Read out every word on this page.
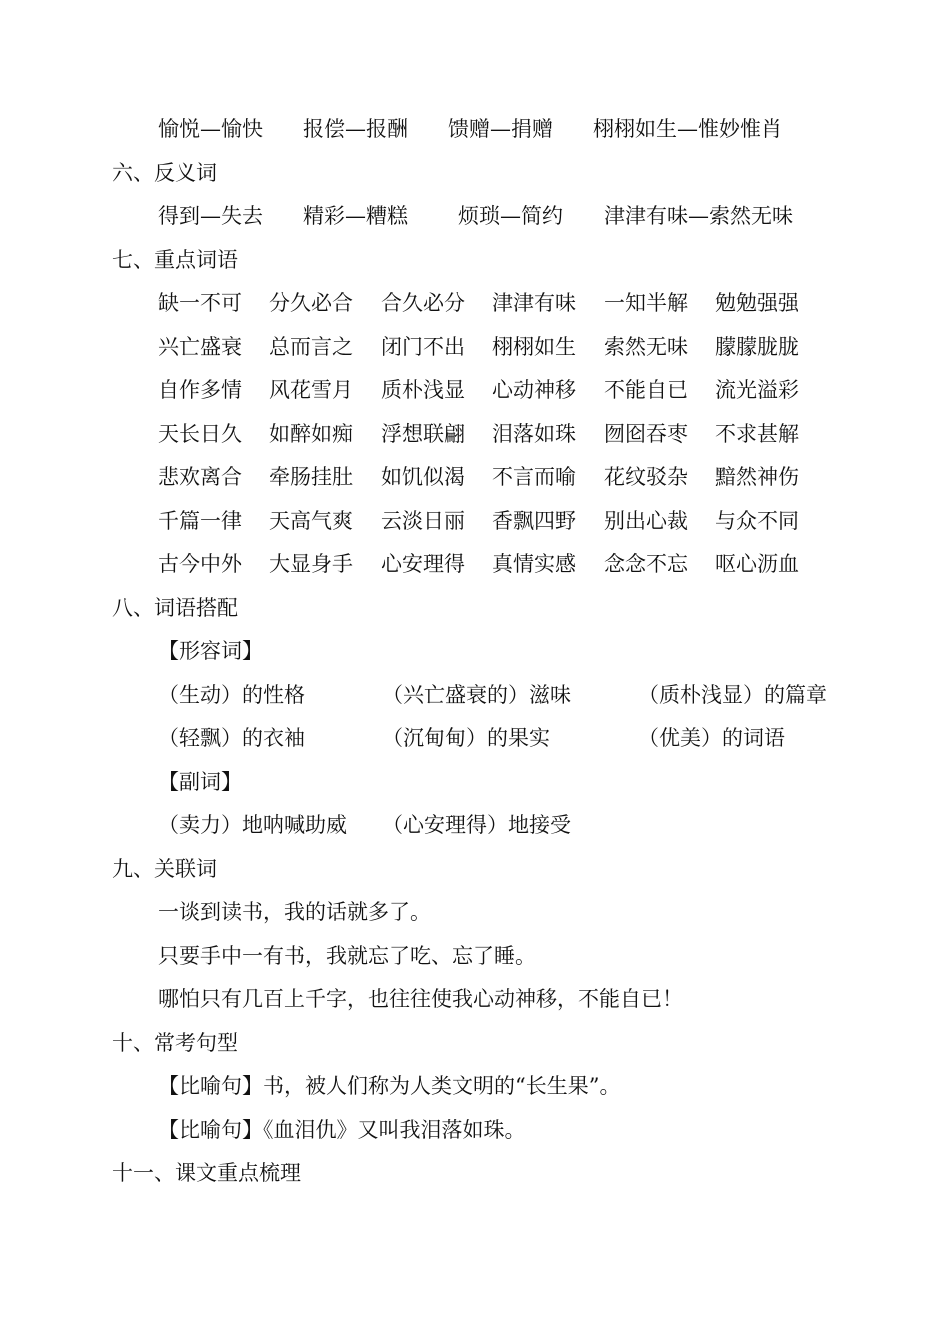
愉悦—愉快 报偿—报酬 馈赠—捐赠 栩栩如生—惟妙惟肖
六、反义词
得到—失去 精彩—糟糕 烦琐—简约 津津有味—索然无味
七、重点词语
缺一不可 分久必合 合久必分 津津有味 一知半解 勉勉强强
兴亡盛衰 总而言之 闭门不出 栩栩如生 索然无味 朦朦胧胧
自作多情 风花雪月 质朴浅显 心动神移 不能自已 流光溢彩
天长日久 如醉如痴 浮想联翩 泪落如珠 囫囵吞枣 不求甚解
悲欢离合 牵肠挂肚 如饥似渴 不言而喻 花纹驳杂 黯然神伤
千篇一律 天高气爽 云淡日丽 香飘四野 别出心裁 与众不同
古今中外 大显身手 心安理得 真情实感 念念不忘 呕心沥血
八、词语搭配
【形容词】
（生动）的性格	（兴亡盛衰的）滋味	（质朴浅显）的篇章
（轻飘）的衣袖	（沉甸甸）的果实	（优美）的词语
【副词】
（卖力）地呐喊助威 （心安理得）地接受
九、关联词
一谈到读书，我的话就多了。
只要手中一有书，我就忘了吃、忘了睡。
哪怕只有几百上千字，也往往使我心动神移，不能自已！
十、常考句型
【比喻句】书，被人们称为人类文明的“长生果”。
【比喻句】《血泪仇》又叫我泪落如珠。
十一、课文重点梳理
